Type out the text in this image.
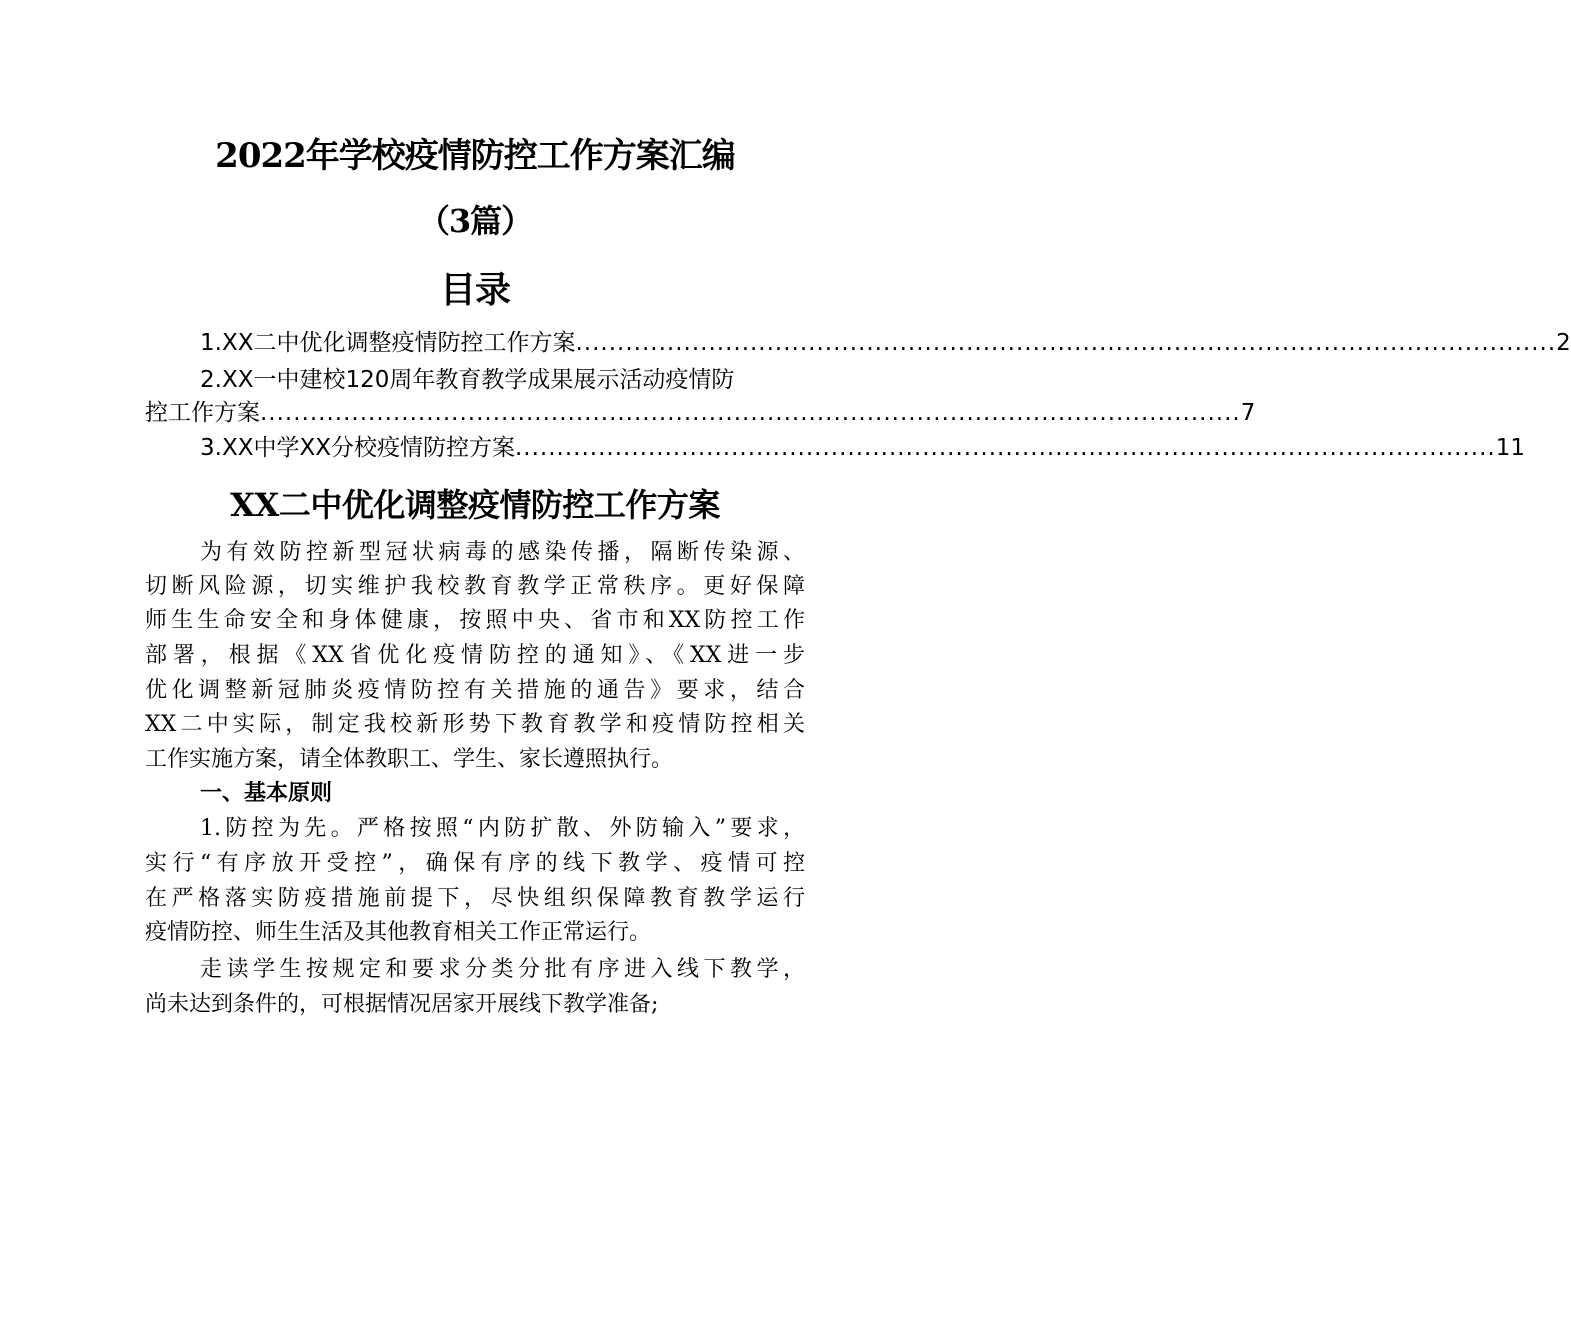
2022年学校疫情防控工作方案汇编
（3篇）
目录
1.XX二中优化调整疫情防控工作方案 ...................................................................................................................... 2
2.XX一中建校120周年教育教学成果展示活动疫情防
控工作方案 ...................................................................................................................... 7
3.XX中学XX分校疫情防控方案 ...................................................................................................................... 11
XX二中优化调整疫情防控工作方案
为有效防控新型冠状病毒的感染传播，隔断传染源、
切断风险源，切实维护我校教育教学正常秩序。更好保障
师生生命安全和身体健康，按照中央、省市和XX防控工作
部署，根据《XX省优化疫情防控的通知》、《XX进一步
优化调整新冠肺炎疫情防控有关措施的通告》要求，结合
XX二中实际，制定我校新形势下教育教学和疫情防控相关
工作实施方案，请全体教职工、学生、家长遵照执行。
一、基本原则
1.防控为先。严格按照“内防扩散、外防输入”要求，
实行“有序放开受控”，确保有序的线下教学、疫情可控
在严格落实防疫措施前提下，尽快组织保障教育教学运行
疫情防控、师生生活及其他教育相关工作正常运行。
走读学生按规定和要求分类分批有序进入线下教学，
尚未达到条件的，可根据情况居家开展线下教学准备;
